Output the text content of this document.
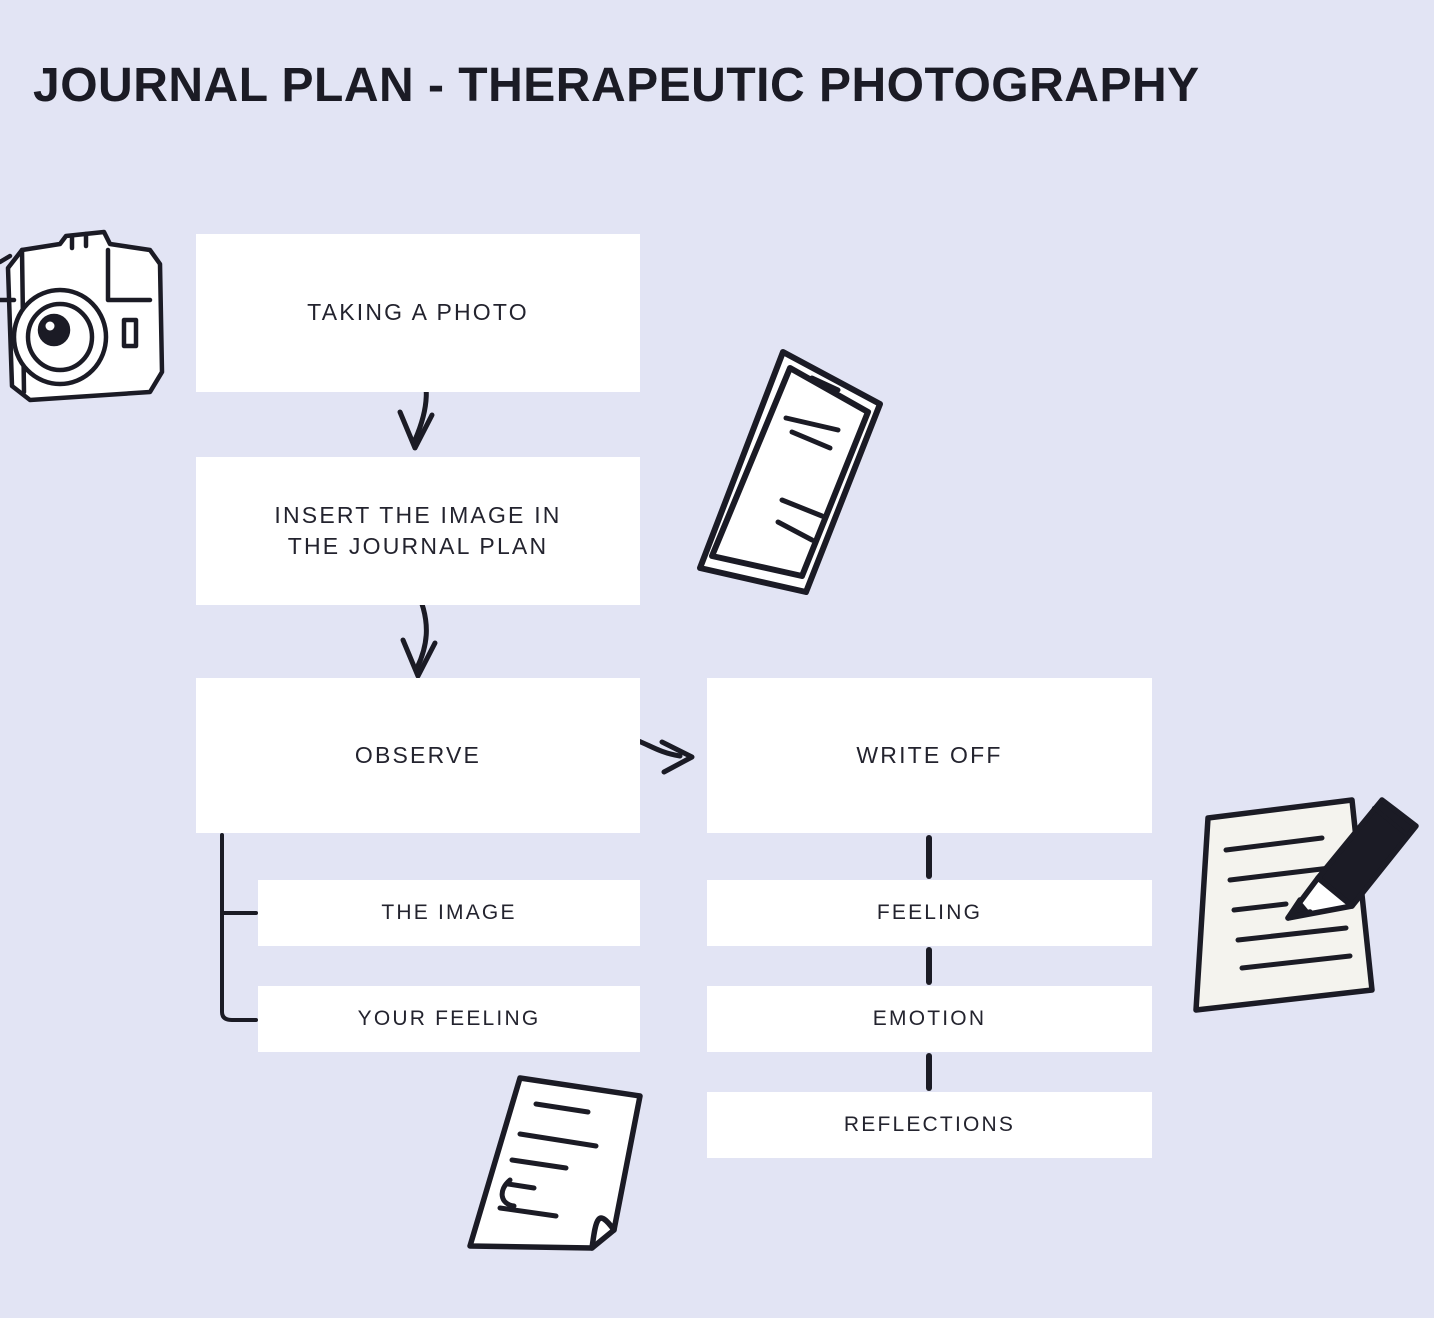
JOURNAL PLAN - THERAPEUTIC PHOTOGRAPHY
TAKING A PHOTO
INSERT THE IMAGE IN
THE JOURNAL PLAN
OBSERVE
THE IMAGE
YOUR FEELING
WRITE OFF
FEELING
EMOTION
REFLECTIONS
